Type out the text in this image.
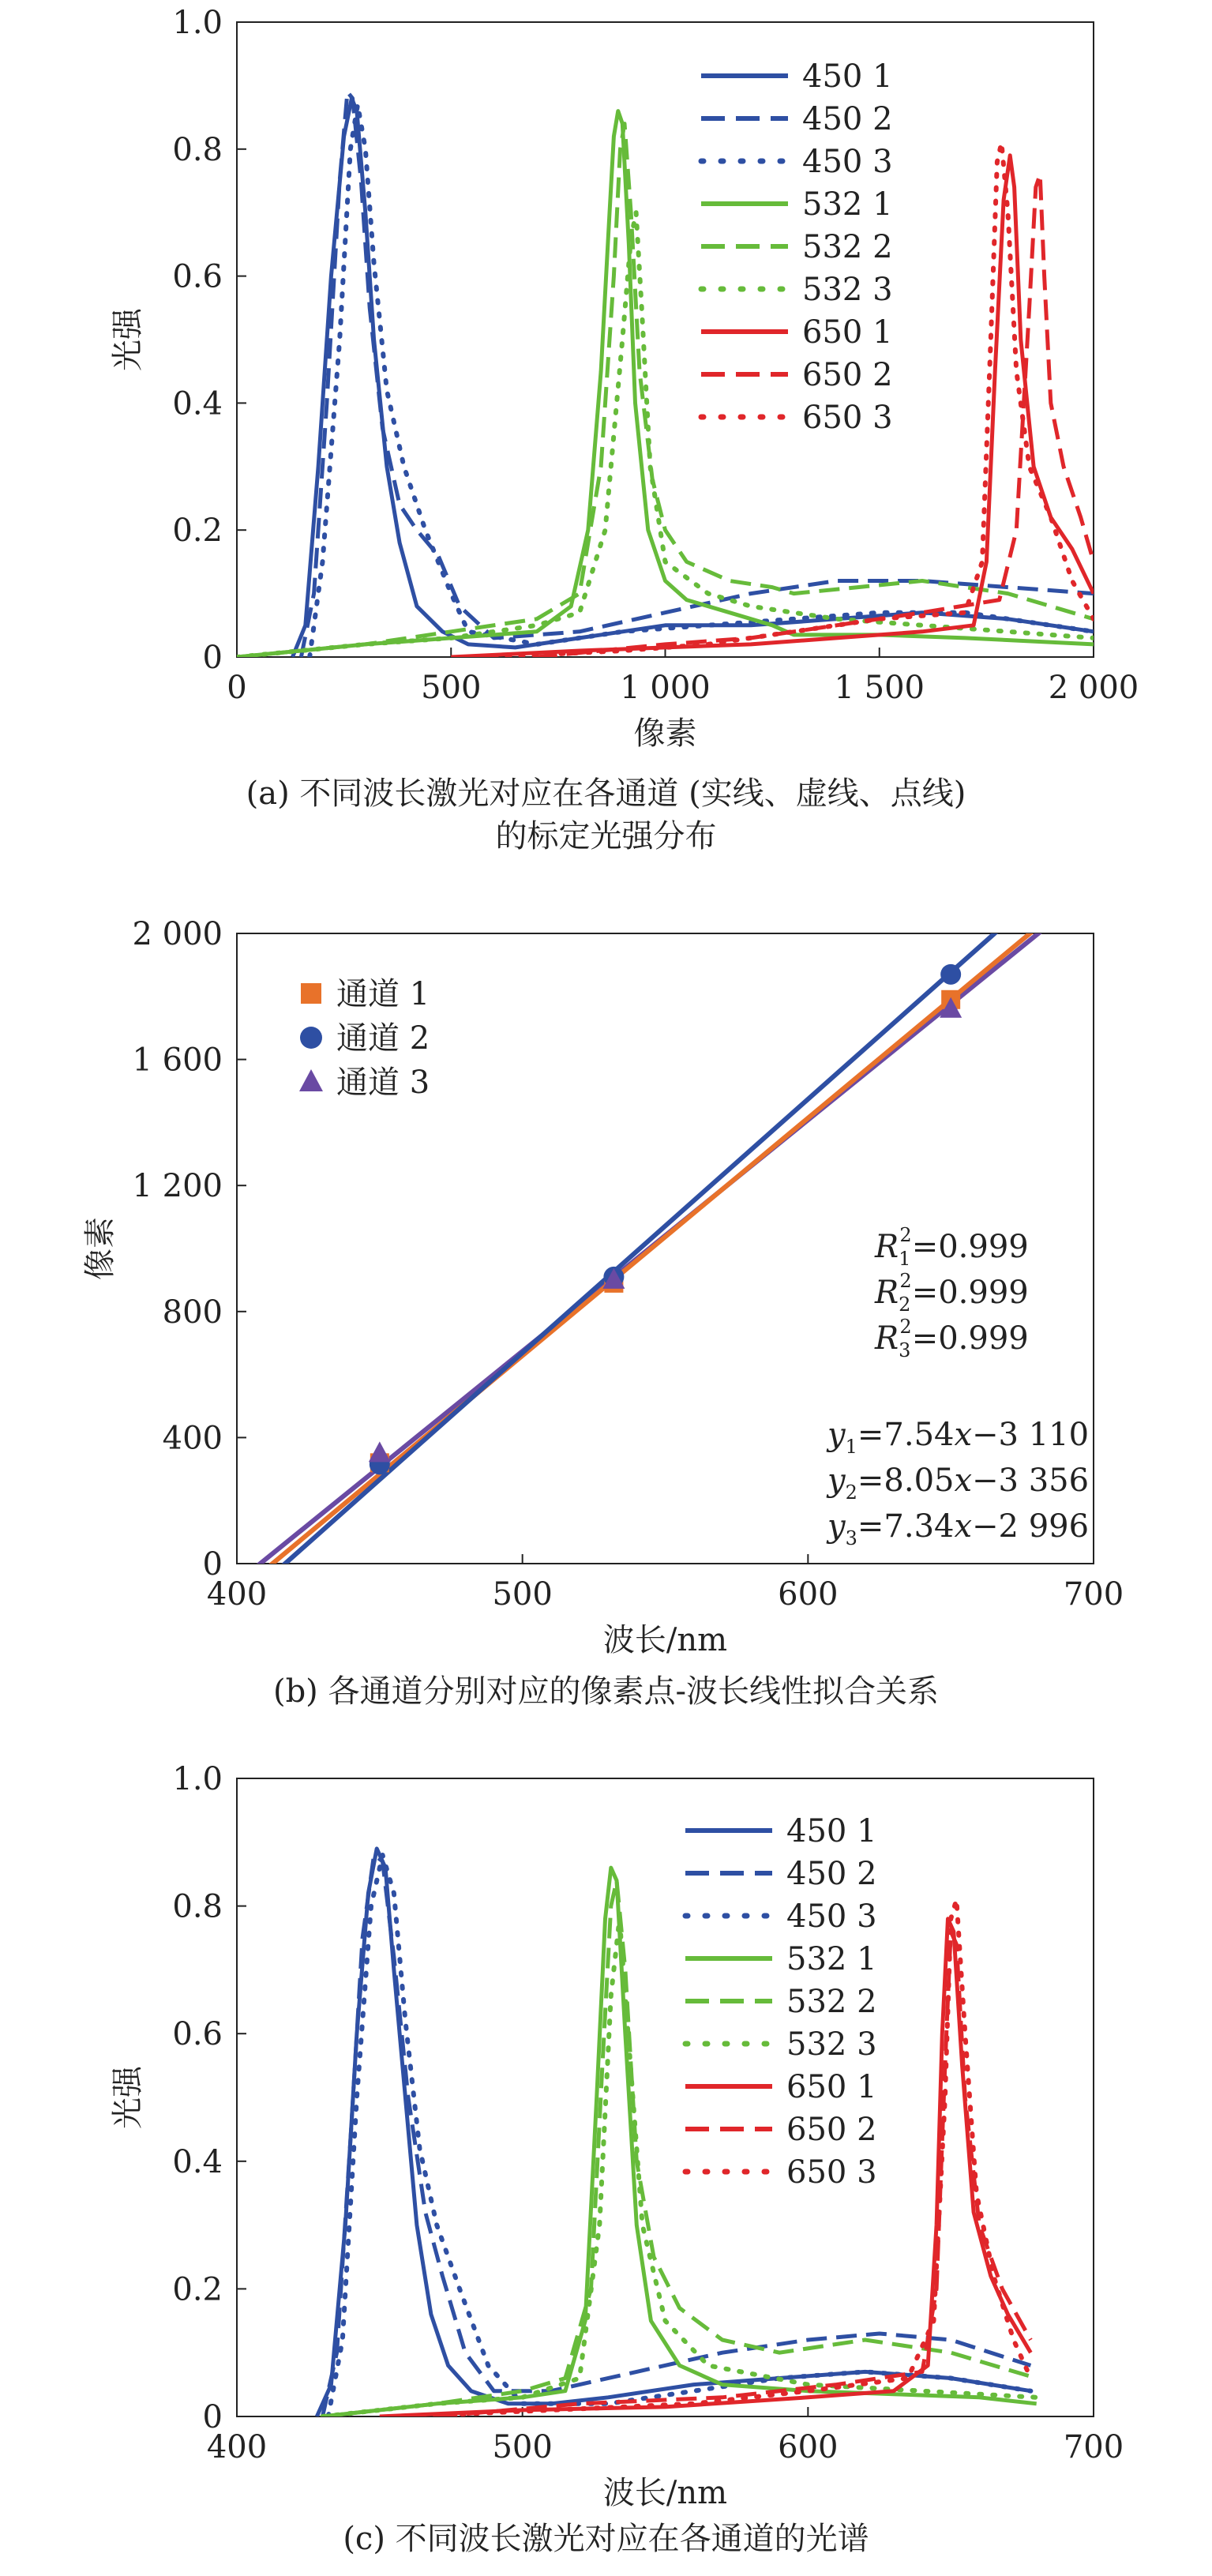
0	500	1 000	1 500	2 000
0
0.2
0.4
0.6
0.8
1.0
像素
光强
450 1
450 2
450 3
532 1
532 2
532 3
650 1
650 2
650 3
(a) 不同波长激光对应在各通道 (实线、虚线、点线)
的标定光强分布
400	500	600	700
0
400
800
1 200
1 600
2 000
波长/nm
像素
通道 1
通道 2
通道 3
$R_12=0.999$
$R_22=0.999$
$R_32=0.999$
$y_1=7.54x-3$ 110
$y_2=8.05x-3$ 356
$y_3=7.34x-2$ 996
(b) 各通道分别对应的像素点-波长线性拟合关系
400	500	600	700
0
0.2
0.4
0.6
0.8
1.0
波长/nm
光强
450 1
450 2
450 3
532 1
532 2
532 3
650 1
650 2
650 3
(c) 不同波长激光对应在各通道的光谱
